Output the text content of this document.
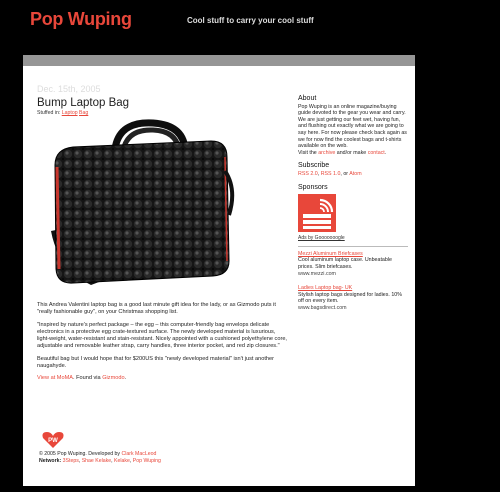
Pop Wuping	Cool stuff to carry your cool stuff

Dec. 15th, 2005

Bump Laptop Bag
Stuffed in: Laptop Bag

This Andrea Valentini laptop bag is a good last minute gift idea for the lady, or as Gizmodo puts it "really fashionable guy", on your Christmas shopping list.

"Inspired by nature's perfect package – the egg – this computer-friendly bag envelops delicate electronics in a protective egg crate-textured surface. The newly developed material is luxurious, light-weight, water-resistant and stain-resistant. Nicely appointed with a cushioned polyethylene core, adjustable and removable leather strap, carry handles, three interior pocket, and red zip closures."

Beautiful bag but I would hope that for $200US this "newly developed material" isn't just another naugahyde.

View at MoMA. Found via Gizmodo.

About
Pop Wuping is an online magazine/buying guide devoted to the gear you wear and carry. We are just getting our feet wet, having fun, and flushing out exactly what we are going to say here. For now please check back again as we for now find the coolest bags and t-shirts available on the web.
Visit the archive and/or make contact.
Subscribe
RSS 2.0, RSS 1.0, or Atom
Sponsors
Ads by Gooooooogle
Mezzi Aluminum Briefcases
Cool aluminum laptop case. Unbeatable prices. Slim briefcases.
www.mezzi.com
Ladies Laptop bag- UK
Stylish laptop bags designed for ladies. 10% off on every item.
www.bagsdirect.com
PW
© 2005 Pop Wuping. Developed by Clark MacLeod
Network: 3Steps, Shae Kelake, Kelake, Pop Wuping
